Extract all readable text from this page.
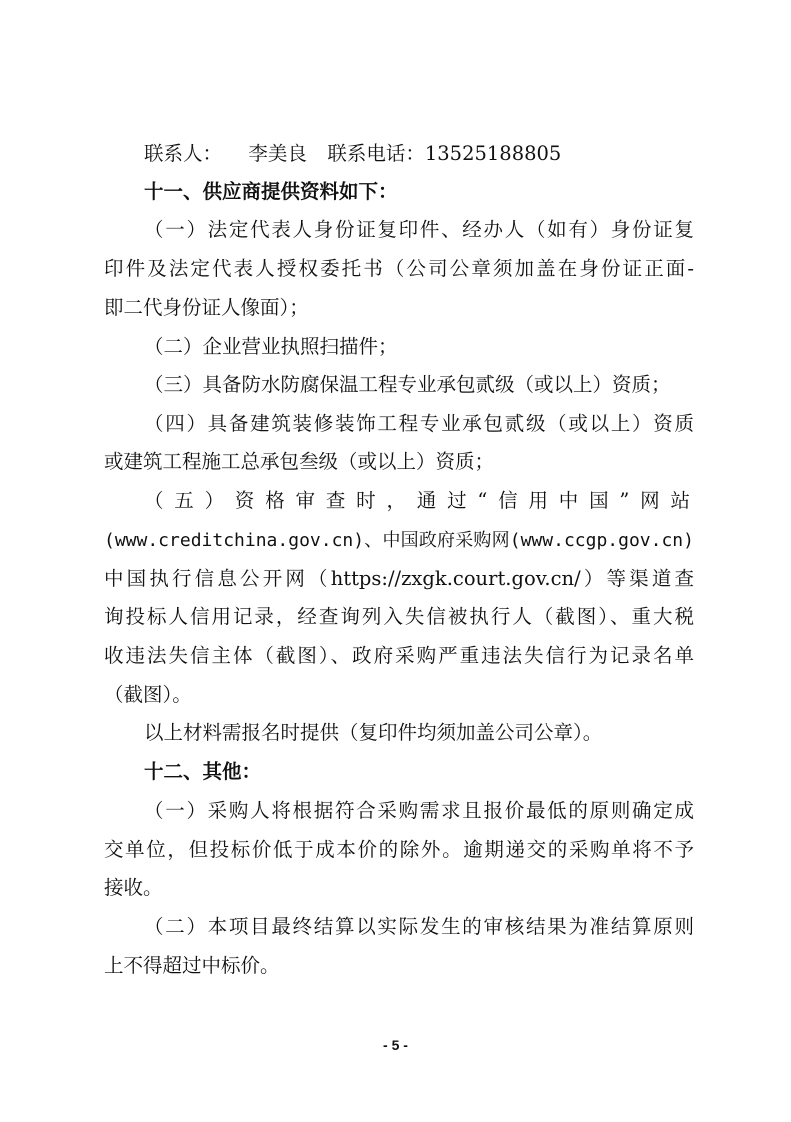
联系人： 李美良 联系电话：13525188805
十一、供应商提供资料如下：
（一）法定代表人身份证复印件、经办人（如有）身份证复
印件及法定代表人授权委托书（公司公章须加盖在身份证正面-
即二代身份证人像面）；
（二）企业营业执照扫描件；
（三）具备防水防腐保温工程专业承包贰级（或以上）资质；
（四）具备建筑装修装饰工程专业承包贰级（或以上）资质
或建筑工程施工总承包叁级（或以上）资质；
（五）资格审查时，通过“信用中国”网站
(www.creditchina.gov.cn)、中国政府采购网(www.ccgp.gov.cn)
中国执行信息公开网（https://zxgk.court.gov.cn/）等渠道查
询投标人信用记录，经查询列入失信被执行人（截图）、重大税
收违法失信主体（截图）、政府采购严重违法失信行为记录名单
（截图）。
以上材料需报名时提供（复印件均须加盖公司公章）。
十二、其他：
（一）采购人将根据符合采购需求且报价最低的原则确定成
交单位，但投标价低于成本价的除外。逾期递交的采购单将不予
接收。
（二）本项目最终结算以实际发生的审核结果为准结算原则
上不得超过中标价。
- 5 -
